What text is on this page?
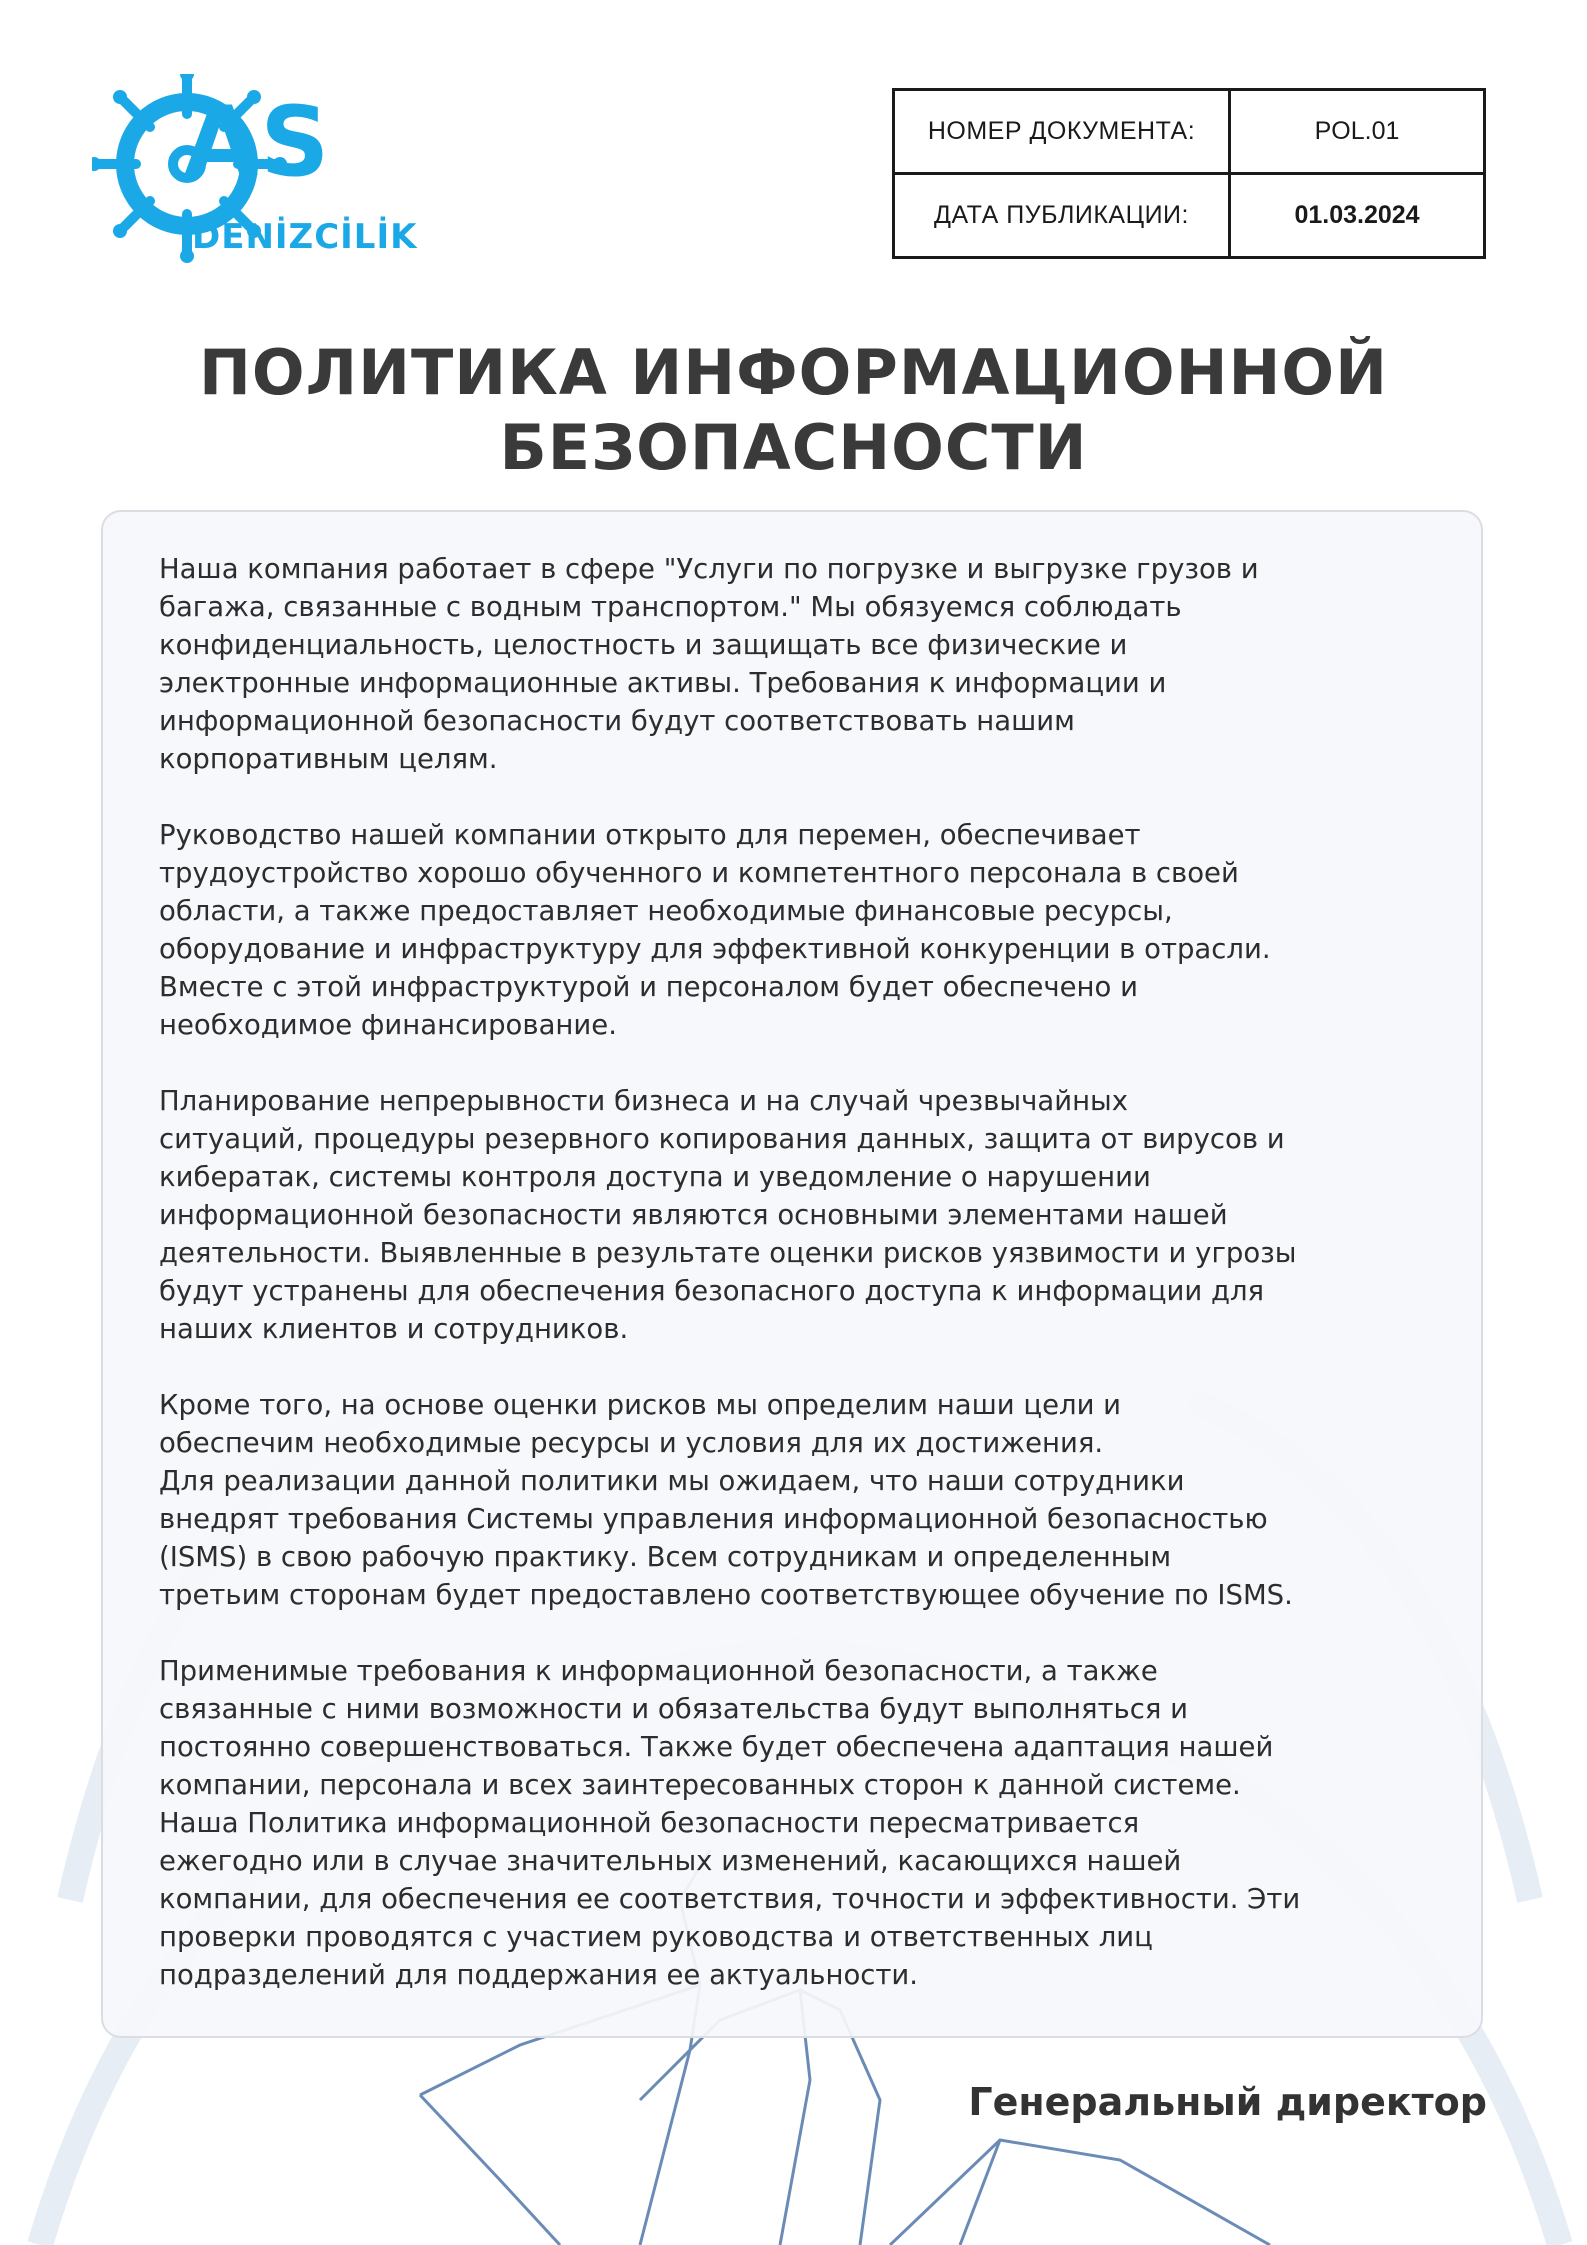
AS
DENİZCİLİK
НОМЕР ДОКУМЕНТА:	POL.01
ДАТА ПУБЛИКАЦИИ:	01.03.2024
ПОЛИТИКА ИНФОРМАЦИОННОЙ
БЕЗОПАСНОСТИ

Наша компания работает в сфере "Услуги по погрузке и выгрузке грузов и
багажа, связанные с водным транспортом." Мы обязуемся соблюдать
конфиденциальность, целостность и защищать все физические и
электронные информационные активы. Требования к информации и
информационной безопасности будут соответствовать нашим
корпоративным целям.

Руководство нашей компании открыто для перемен, обеспечивает
трудоустройство хорошо обученного и компетентного персонала в своей
области, а также предоставляет необходимые финансовые ресурсы,
оборудование и инфраструктуру для эффективной конкуренции в отрасли.
Вместе с этой инфраструктурой и персоналом будет обеспечено и
необходимое финансирование.

Планирование непрерывности бизнеса и на случай чрезвычайных
ситуаций, процедуры резервного копирования данных, защита от вирусов и
кибератак, системы контроля доступа и уведомление о нарушении
информационной безопасности являются основными элементами нашей
деятельности. Выявленные в результате оценки рисков уязвимости и угрозы
будут устранены для обеспечения безопасного доступа к информации для
наших клиентов и сотрудников.

Кроме того, на основе оценки рисков мы определим наши цели и
обеспечим необходимые ресурсы и условия для их достижения.
Для реализации данной политики мы ожидаем, что наши сотрудники
внедрят требования Системы управления информационной безопасностью
(ISMS) в свою рабочую практику. Всем сотрудникам и определенным
третьим сторонам будет предоставлено соответствующее обучение по ISMS.

Применимые требования к информационной безопасности, а также
связанные с ними возможности и обязательства будут выполняться и
постоянно совершенствоваться. Также будет обеспечена адаптация нашей
компании, персонала и всех заинтересованных сторон к данной системе.
Наша Политика информационной безопасности пересматривается
ежегодно или в случае значительных изменений, касающихся нашей
компании, для обеспечения ее соответствия, точности и эффективности. Эти
проверки проводятся с участием руководства и ответственных лиц
подразделений для поддержания ее актуальности.

Генеральный директор
